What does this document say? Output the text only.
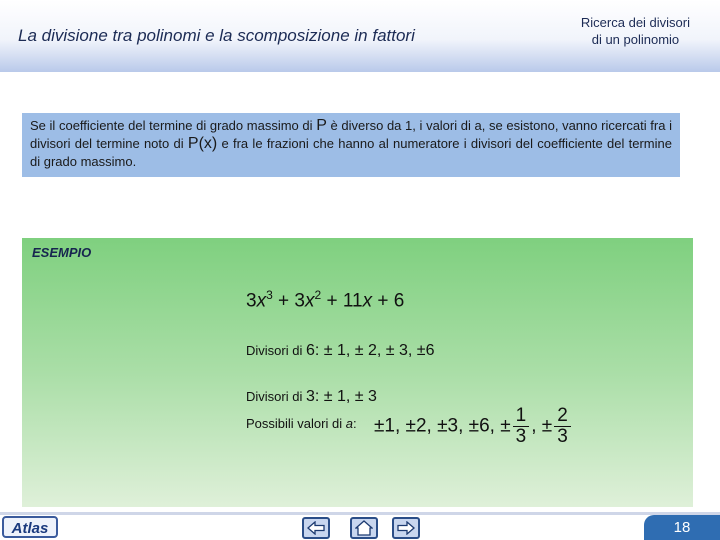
La divisione tra polinomi e la scomposizione in fattori
Ricerca dei divisori
di un polinomio
Se il coefficiente del termine di grado massimo di P è diverso da 1, i valori di a, se esistono, vanno ricercati fra i divisori del termine noto di P(x) e fra le frazioni che hanno al numeratore i divisori del coefficiente del termine di grado massimo.
ESEMPIO
$3x^3 + 3x^2 + 11x + 6$
Divisori di 6: ± 1, ± 2, ± 3, ±6
Divisori di 3: ± 1, ± 3
Possibili valori di a: ±1, ±2, ±3, ±6, ± $\frac{1}{3}$ , ± $\frac{2}{3}$
Atlas	18
